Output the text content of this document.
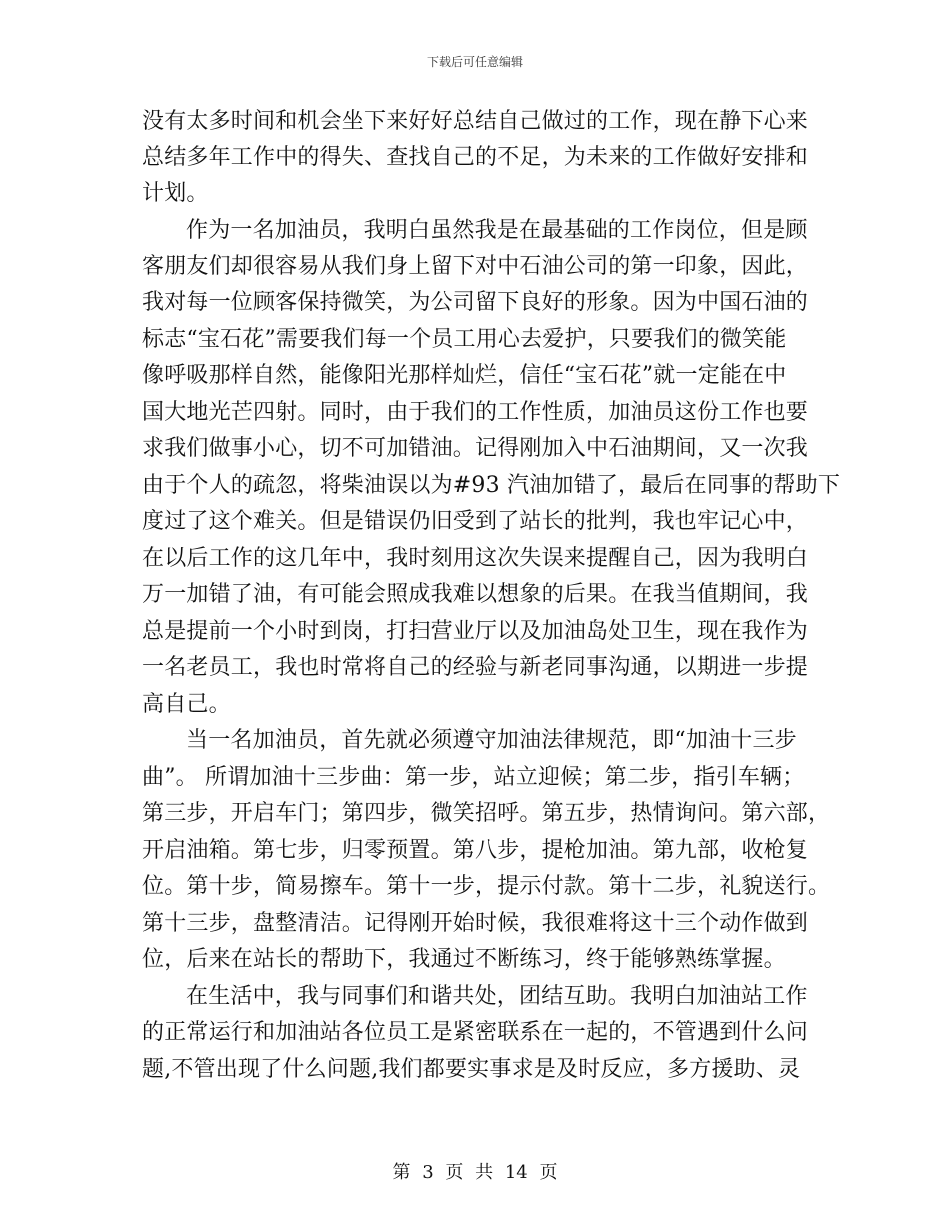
下载后可任意编辑
没有太多时间和机会坐下来好好总结自己做过的工作，现在静下心来
总结多年工作中的得失、查找自己的不足，为未来的工作做好安排和
计划。
作为一名加油员，我明白虽然我是在最基础的工作岗位，但是顾
客朋友们却很容易从我们身上留下对中石油公司的第一印象，因此，
我对每一位顾客保持微笑，为公司留下良好的形象。因为中国石油的
标志“宝石花”需要我们每一个员工用心去爱护，只要我们的微笑能
像呼吸那样自然，能像阳光那样灿烂，信任“宝石花”就一定能在中
国大地光芒四射。同时，由于我们的工作性质，加油员这份工作也要
求我们做事小心，切不可加错油。记得刚加入中石油期间，又一次我
由于个人的疏忽，将柴油误以为#93 汽油加错了，最后在同事的帮助下
度过了这个难关。但是错误仍旧受到了站长的批判，我也牢记心中，
在以后工作的这几年中，我时刻用这次失误来提醒自己，因为我明白
万一加错了油，有可能会照成我难以想象的后果。在我当值期间，我
总是提前一个小时到岗，打扫营业厅以及加油岛处卫生，现在我作为
一名老员工，我也时常将自己的经验与新老同事沟通，以期进一步提
高自己。
当一名加油员，首先就必须遵守加油法律规范，即“加油十三步
曲”。 所谓加油十三步曲：第一步，站立迎候；第二步，指引车辆；
第三步，开启车门；第四步，微笑招呼。第五步，热情询问。第六部，
开启油箱。第七步，归零预置。第八步，提枪加油。第九部，收枪复
位。第十步，简易擦车。第十一步，提示付款。第十二步，礼貌送行。
第十三步，盘整清洁。记得刚开始时候，我很难将这十三个动作做到
位，后来在站长的帮助下，我通过不断练习，终于能够熟练掌握。
在生活中，我与同事们和谐共处，团结互助。我明白加油站工作
的正常运行和加油站各位员工是紧密联系在一起的，不管遇到什么问
题,不管出现了什么问题,我们都要实事求是及时反应，多方援助、灵
第 3 页 共 14 页
